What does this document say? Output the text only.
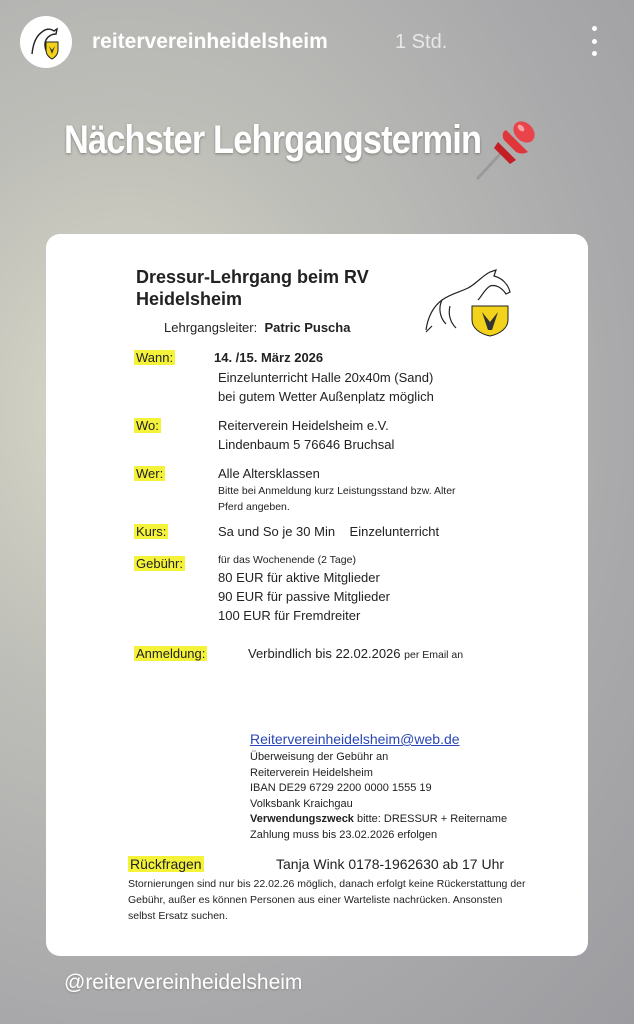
reitervereinheidelsheim	1 Std.
Nächster Lehrgangstermin
Dressur-Lehrgang beim RV
Heidelsheim
Lehrgangsleiter: Patric Puscha
Wann:	14. /15. März 2026
Einzelunterricht Halle 20x40m (Sand)
bei gutem Wetter Außenplatz möglich
Wo:	Reiterverein Heidelsheim e.V.
Lindenbaum 5 76646 Bruchsal
Wer:	Alle Altersklassen
Bitte bei Anmeldung kurz Leistungsstand bzw. Alter
Pferd angeben.
Kurs:	Sa und So je 30 Min    Einzelunterricht
Gebühr:	für das Wochenende (2 Tage)
80 EUR für aktive Mitglieder
90 EUR für passive Mitglieder
100 EUR für Fremdreiter
Anmeldung:	Verbindlich bis 22.02.2026 per Email an
Reitervereinheidelsheim@web.de
Überweisung der Gebühr an
Reiterverein Heidelsheim
IBAN DE29 6729 2200 0000 1555 19
Volksbank Kraichgau
Verwendungszweck bitte: DRESSUR + Reitername
Zahlung muss bis 23.02.2026 erfolgen
Rückfragen	Tanja Wink 0178-1962630 ab 17 Uhr
Stornierungen sind nur bis 22.02.26 möglich, danach erfolgt keine Rückerstattung der Gebühr, außer es können Personen aus einer Warteliste nachrücken. Ansonsten selbst Ersatz suchen.
@reitervereinheidelsheim
